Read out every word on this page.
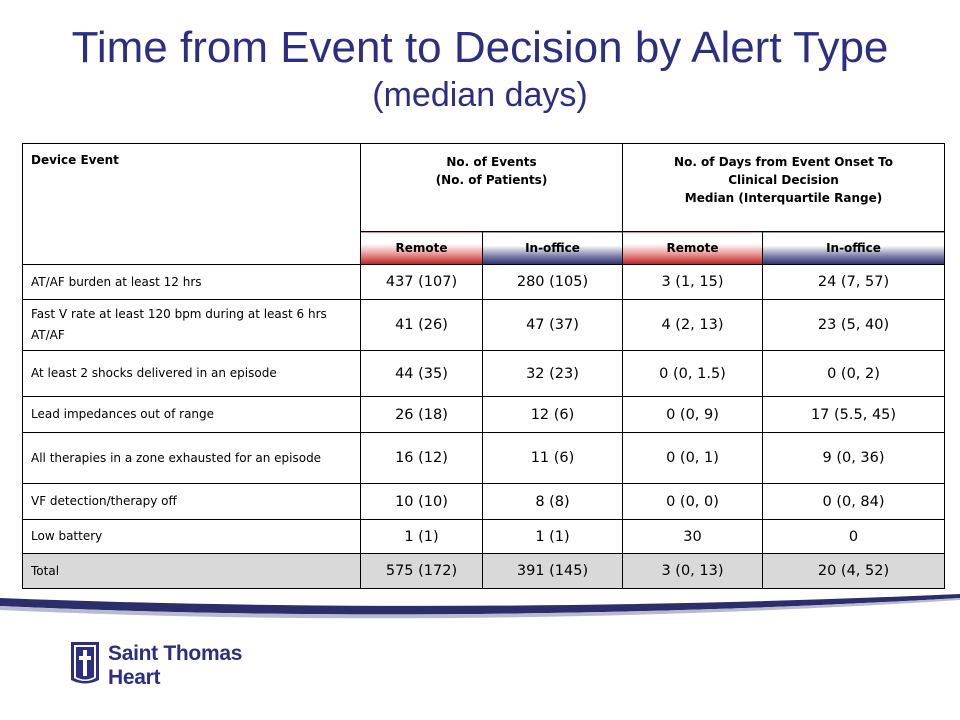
Time from Event to Decision by Alert Type
(median days)
Device Event	No. of Events
(No. of Patients)		No. of Days from Event Onset To
Clinical Decision
Median (Interquartile Range)	

	Remote	In-office	Remote	In-office
AT/AF burden at least 12 hrs	437 (107)	280 (105)	3 (1, 15)	24 (7, 57)
Fast V rate at least 120 bpm during at least 6 hrs AT/AF	41 (26)	47 (37)	4 (2, 13)	23 (5, 40)
At least 2 shocks delivered in an episode	44 (35)	32 (23)	0 (0, 1.5)	0 (0, 2)
Lead impedances out of range	26 (18)	12 (6)	0 (0, 9)	17 (5.5, 45)
All therapies in a zone exhausted for an episode	16 (12)	11 (6)	0 (0, 1)	9 (0, 36)
VF detection/therapy off	10 (10)	8 (8)	0 (0, 0)	0 (0, 84)
Low battery	1 (1)	1 (1)	30	0
Total	575 (172)	391 (145)	3 (0, 13)	20 (4, 52)
Saint Thomas
Heart
